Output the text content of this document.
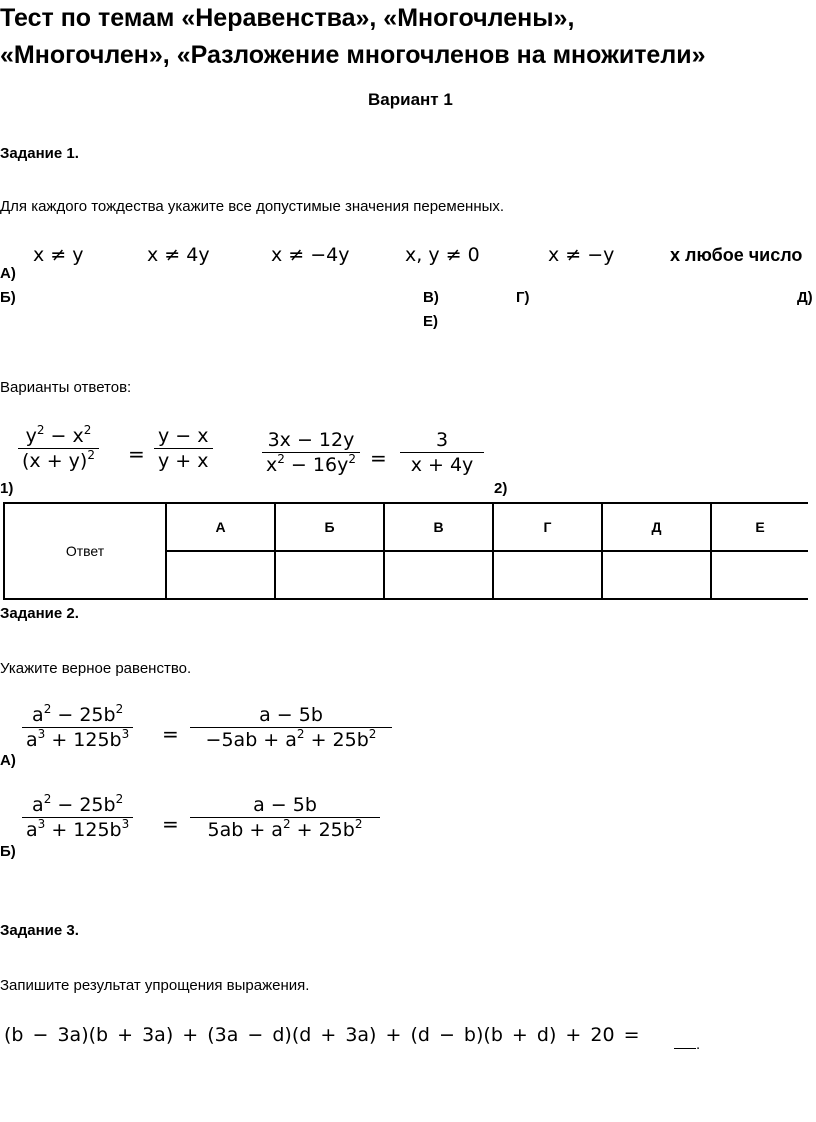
Тест по темам «Неравенства», «Многочлены»,
«Многочлен», «Разложение многочленов на множители»
Вариант 1
Задание 1.
Для каждого тождества укажите все допустимые значения переменных.
x ≠ y	x ≠ 4y	x ≠ −4y	x, y ≠ 0	x ≠ −y	x любое число
А)
Б)	В)	Г)	Д)
Е)
Варианты ответов:
$y^2 - x^2$
$(x + y)^2$ =
y − x
y + x
1)
3x − 12y
$x^2 - 16y^2$ =
3
x + 4y
2)
Ответ	А	Б	В	Г	Д	Е

Задание 2.
Укажите верное равенство.
$a^2 - 25b^2$
$a^3 + 125b^3$ =
a − 5b
$-5ab + a^2 + 25b^2$
А)
$a^2 - 25b^2$
$a^3 + 125b^3$ =
a − 5b
$5ab + a^2 + 25b^2$
Б)
Задание 3.
Запишите результат упрощения выражения.
(b − 3a)(b + 3a) + (3a − d)(d + 3a) + (d − b)(b + d) + 20 =	.
